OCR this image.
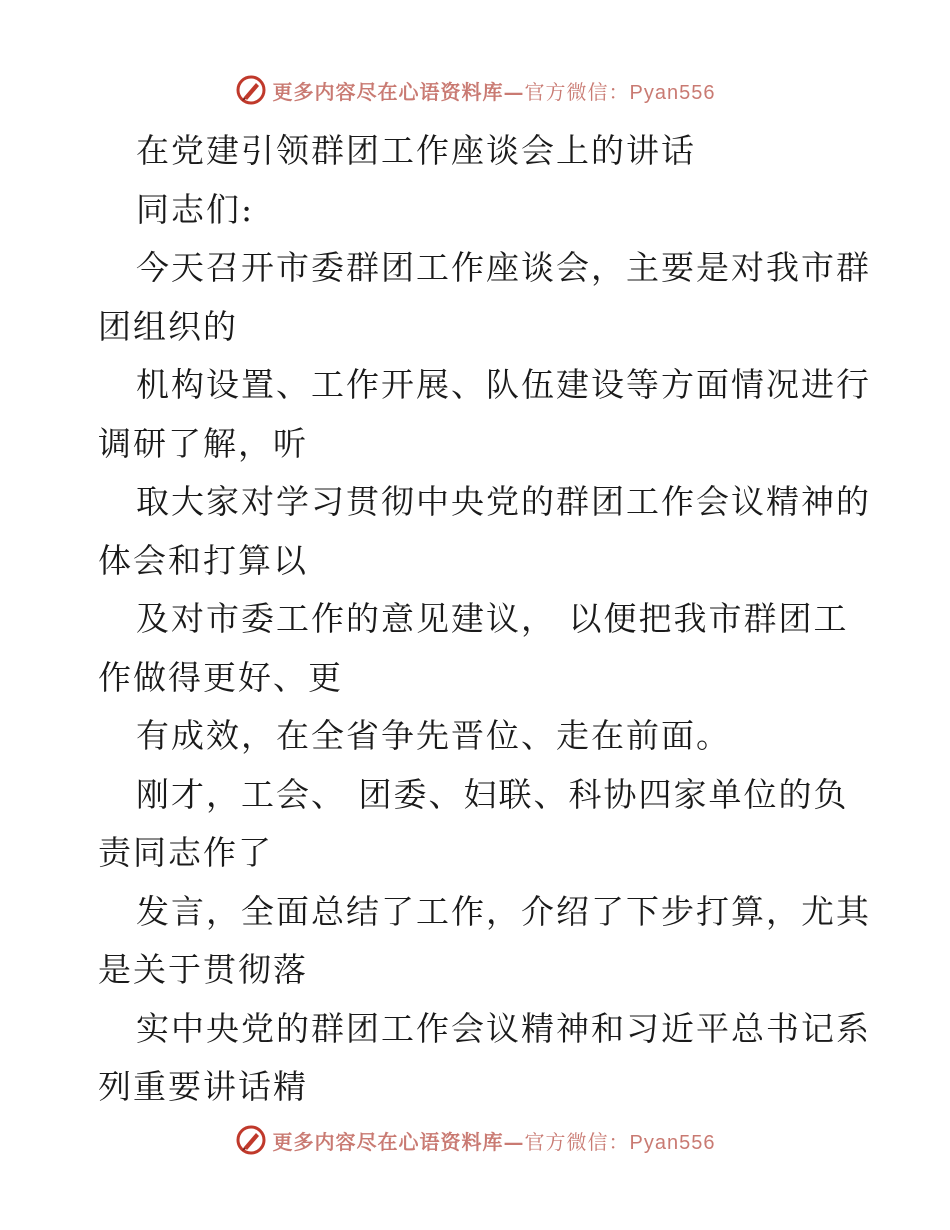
更多内容尽在心语资料库— 官方微信：Pyan556
在党建引领群团工作座谈会上的讲话
同志们:
今天召开市委群团工作座谈会，主要是对我市群
团组织的
机构设置、工作开展、队伍建设等方面情况进行
调研了解，听
取大家对学习贯彻中央党的群团工作会议精神的
体会和打算以
及对市委工作的意见建议， 以便把我市群团工
作做得更好、更
有成效，在全省争先晋位、走在前面。
刚才，工会、 团委、妇联、科协四家单位的负
责同志作了
发言，全面总结了工作，介绍了下步打算，尤其
是关于贯彻落
实中央党的群团工作会议精神和习近平总书记系
列重要讲话精
更多内容尽在心语资料库— 官方微信：Pyan556
